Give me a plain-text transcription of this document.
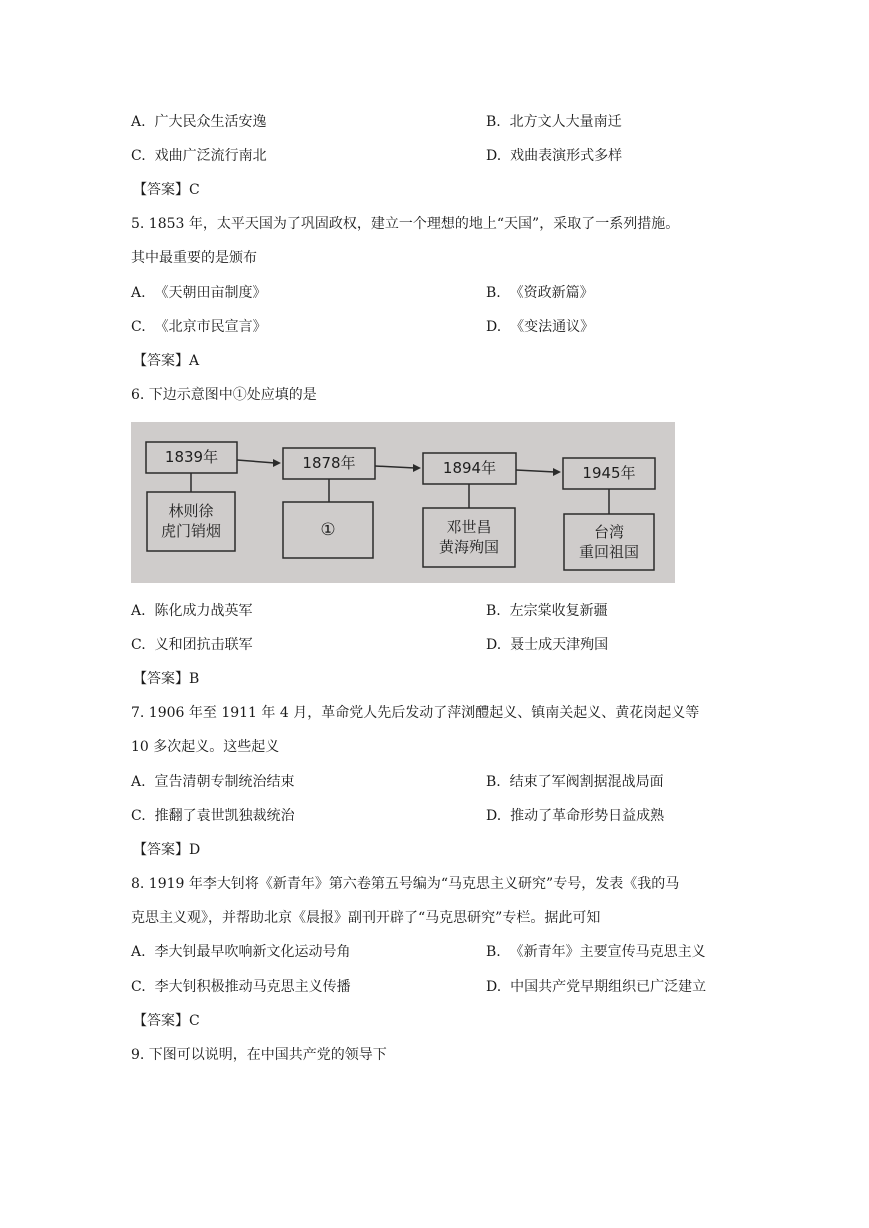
A. 广大民众生活安逸	B. 北方文人大量南迁
C. 戏曲广泛流行南北	D. 戏曲表演形式多样
【答案】C
5. 1853 年，太平天国为了巩固政权，建立一个理想的地上“天国”，采取了一系列措施。
其中最重要的是颁布
A. 《天朝田亩制度》	B. 《资政新篇》
C. 《北京市民宣言》	D. 《变法通议》
【答案】A
6. 下边示意图中①处应填的是
1839年	1878年	1894年	1945年
林则徐
虎门销烟	①	邓世昌
黄海殉国
台湾
重回祖国
A. 陈化成力战英军	B. 左宗棠收复新疆
C. 义和团抗击联军	D. 聂士成天津殉国
【答案】B
7. 1906 年至 1911 年 4 月，革命党人先后发动了萍浏醴起义、镇南关起义、黄花岗起义等
10 多次起义。这些起义
A. 宣告清朝专制统治结束	B. 结束了军阀割据混战局面
C. 推翻了袁世凯独裁统治	D. 推动了革命形势日益成熟
【答案】D
8. 1919 年李大钊将《新青年》第六卷第五号编为“马克思主义研究”专号，发表《我的马
克思主义观》，并帮助北京《晨报》副刊开辟了“马克思研究”专栏。据此可知
A. 李大钊最早吹响新文化运动号角	B. 《新青年》主要宣传马克思主义
C. 李大钊积极推动马克思主义传播	D. 中国共产党早期组织已广泛建立
【答案】C
9. 下图可以说明，在中国共产党的领导下
